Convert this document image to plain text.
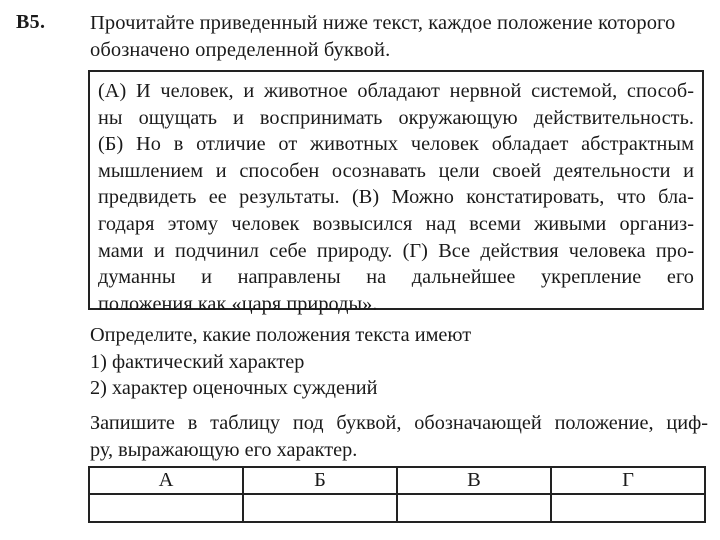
В5. Прочитайте приведенный ниже текст, каждое положение которого
обозначено определенной буквой.
(А) И человек, и животное обладают нервной системой, способ-
ны ощущать и воспринимать окружающую действительность.
(Б) Но в отличие от животных человек обладает абстрактным
мышлением и способен осознавать цели своей деятельности и
предвидеть ее результаты. (В) Можно констатировать, что бла-
годаря этому человек возвысился над всеми живыми организ-
мами и подчинил себе природу. (Г) Все действия человека про-
думанны и направлены на дальнейшее укрепление его
положения как «царя природы».
Определите, какие положения текста имеют
1) фактический характер
2) характер оценочных суждений
Запишите в таблицу под буквой, обозначающей положение, циф-
ру, выражающую его характер.
А	Б	В	Г
